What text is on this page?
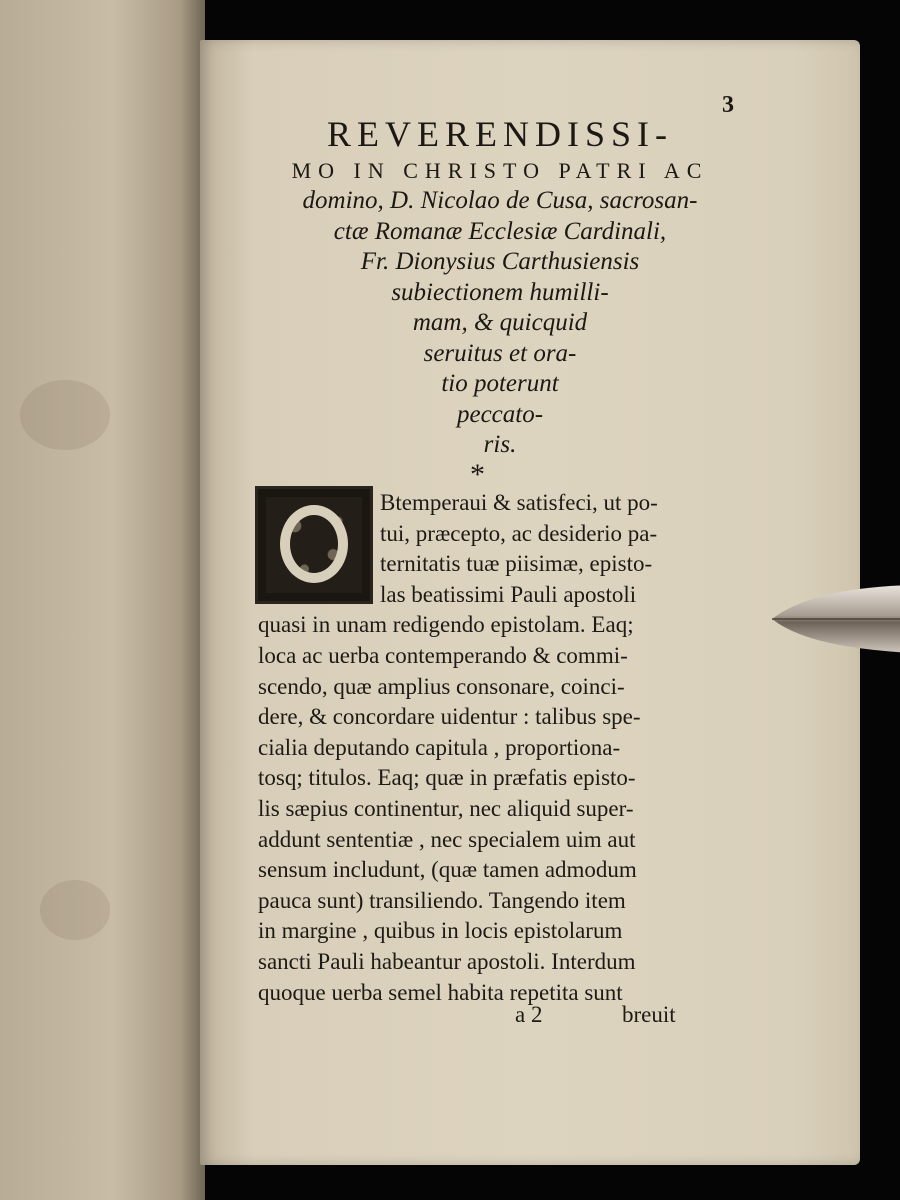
3
REVERENDISSI-
MO IN CHRISTO PATRI AC
domino, D. Nicolao de Cusa, sacrosan-
ctæ Romanæ Ecclesiæ Cardinali,
Fr. Dionysius Carthusiensis
subiectionem humilli-
mam, & quicquid
seruitus et ora-
tio poterunt
peccato-
ris.
*
Btemperaui & satisfeci, ut po-
tui, præcepto, ac desiderio pa-
ternitatis tuæ piisimæ, episto-
las beatissimi Pauli apostoli
quasi in unam redigendo epistolam. Eaq;
loca ac uerba contemperando & commi-
scendo, quæ amplius consonare, coinci-
dere, & concordare uidentur : talibus spe-
cialia deputando capitula , proportiona-
tosq; titulos. Eaq; quæ in præfatis episto-
lis sæpius continentur, nec aliquid super-
addunt sententiæ , nec specialem uim aut
sensum includunt, (quæ tamen admodum
pauca sunt) transiliendo. Tangendo item
in margine , quibus in locis epistolarum
sancti Pauli habeantur apostoli. Interdum
quoque uerba semel habita repetita sunt
a 2	breuit
